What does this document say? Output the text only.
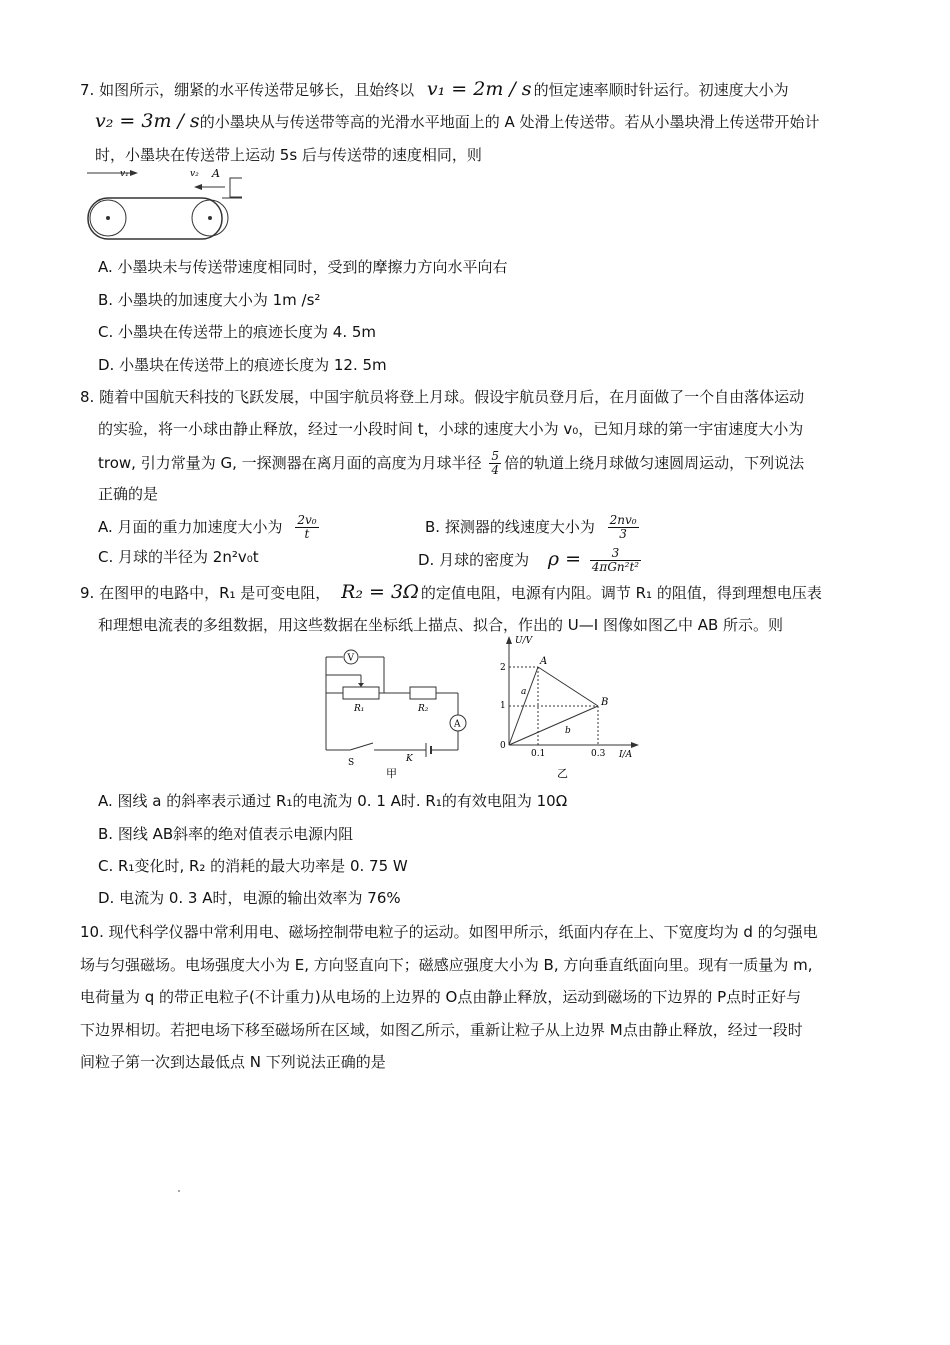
7. 如图所示，绷紧的水平传送带足够长，且始终以 v₁ = 2m / s 的恒定速率顺时针运行。初速度大小为
v₂ = 3m / s的小墨块从与传送带等高的光滑水平地面上的 A 处滑上传送带。若从小墨块滑上传送带开始计
时，小墨块在传送带上运动 5s 后与传送带的速度相同，则
v₁	v₂ A
A. 小墨块未与传送带速度相同时，受到的摩擦力方向水平向右
B. 小墨块的加速度大小为 1m /s²
C. 小墨块在传送带上的痕迹长度为 4. 5m
D. 小墨块在传送带上的痕迹长度为 12. 5m
8. 随着中国航天科技的飞跃发展，中国宇航员将登上月球。假设宇航员登月后，在月面做了一个自由落体运动
的实验，将一小球由静止释放，经过一小段时间 t，小球的速度大小为 v₀，已知月球的第一宇宙速度大小为
trow, 引力常量为 G, 一探测器在离月面的高度为月球半径 $\frac{5}{4}$ 倍的轨道上绕月球做匀速圆周运动，下列说法
正确的是
A. 月面的重力加速度大小为 $\frac{\text{2v₀}}{t}$	B. 探测器的线速度大小为 $\frac{\text{2nv₀}}{3}$
C. 月球的半径为 2n²v₀t	D. 月球的密度为 $\rho = \frac{3}{\text{4πGn²t²}}$
9. 在图甲的电路中，R₁ 是可变电阻， R₂ = 3Ω 的定值电阻，电源有内阻。调节 R₁ 的阻值，得到理想电压表
和理想电流表的多组数据，用这些数据在坐标纸上描点、拟合，作出的 U—I 图像如图乙中 AB 所示。则
V
R₁	R₂
A
S	K
甲
U/V
I/A
0
2
1
0.1	0.3
A
B
a
b
乙
A. 图线 a 的斜率表示通过 R₁的电流为 0. 1 A时. R₁的有效电阻为 10Ω
B. 图线 AB斜率的绝对值表示电源内阻
C. R₁变化时, R₂ 的消耗的最大功率是 0. 75 W
D. 电流为 0. 3 A时，电源的输出效率为 76%
10. 现代科学仪器中常利用电、磁场控制带电粒子的运动。如图甲所示，纸面内存在上、下宽度均为 d 的匀强电
场与匀强磁场。电场强度大小为 E, 方向竖直向下；磁感应强度大小为 B, 方向垂直纸面向里。现有一质量为 m,
电荷量为 q 的带正电粒子(不计重力)从电场的上边界的 O点由静止释放，运动到磁场的下边界的 P点时正好与
下边界相切。若把电场下移至磁场所在区域，如图乙所示，重新让粒子从上边界 M点由静止释放，经过一段时
间粒子第一次到达最低点 N 下列说法正确的是
